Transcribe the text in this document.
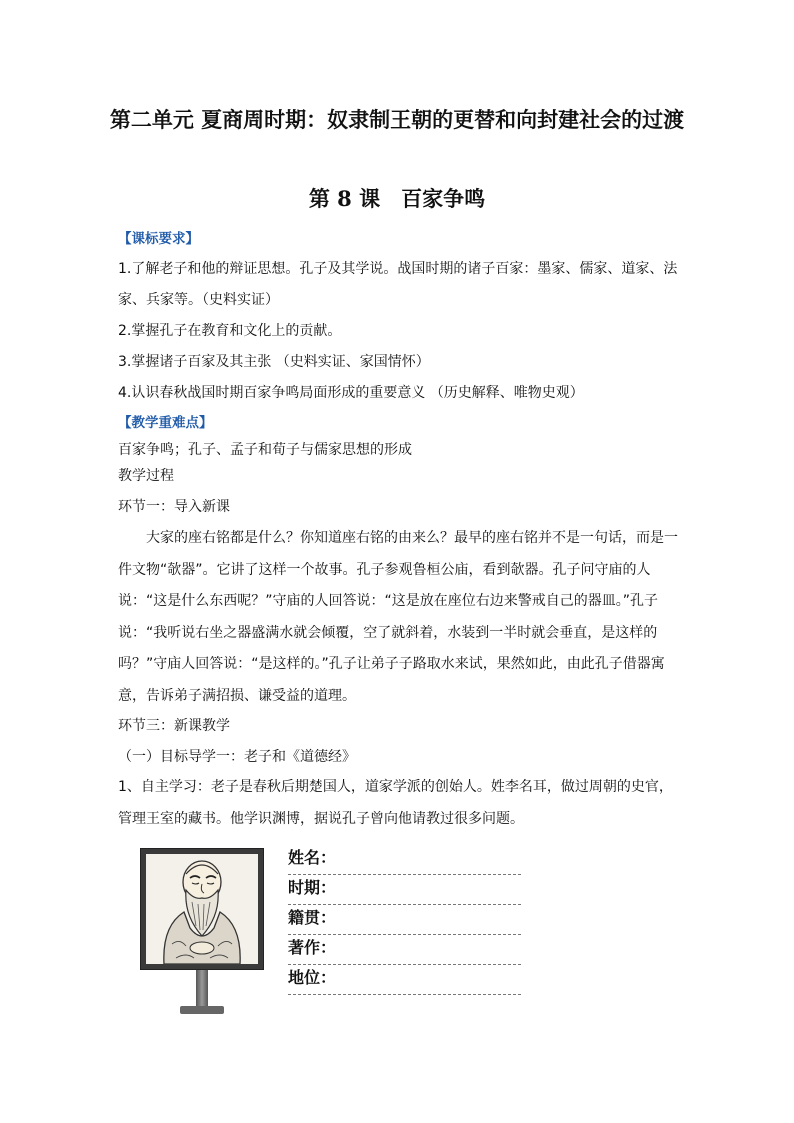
第二单元 夏商周时期：奴隶制王朝的更替和向封建社会的过渡
第 8 课　百家争鸣
【课标要求】
1.了解老子和他的辩证思想。孔子及其学说。战国时期的诸子百家：墨家、儒家、道家、法
家、兵家等。（史料实证）
2.掌握孔子在教育和文化上的贡献。
3.掌握诸子百家及其主张 （史料实证、家国情怀）
4.认识春秋战国时期百家争鸣局面形成的重要意义 （历史解释、唯物史观）
【教学重难点】
百家争鸣；孔子、孟子和荀子与儒家思想的形成
教学过程
环节一：导入新课
大家的座右铭都是什么？你知道座右铭的由来么？最早的座右铭并不是一句话，而是一件文物“欹器”。它讲了这样一个故事。孔子参观鲁桓公庙，看到欹器。孔子问守庙的人说：“这是什么东西呢？”守庙的人回答说：“这是放在座位右边来警戒自己的器皿。”孔子说：“我听说右坐之器盛满水就会倾覆，空了就斜着，水装到一半时就会垂直，是这样的吗？”守庙人回答说：“是这样的。”孔子让弟子子路取水来试，果然如此，由此孔子借器寓意，告诉弟子满招损、谦受益的道理。
环节三：新课教学
（一）目标导学一：老子和《道德经》
1、自主学习：老子是春秋后期楚国人，道家学派的创始人。姓李名耳，做过周朝的史官，管理王室的藏书。他学识渊博，据说孔子曾向他请教过很多问题。
姓名：
时期：
籍贯：
著作：
地位：
